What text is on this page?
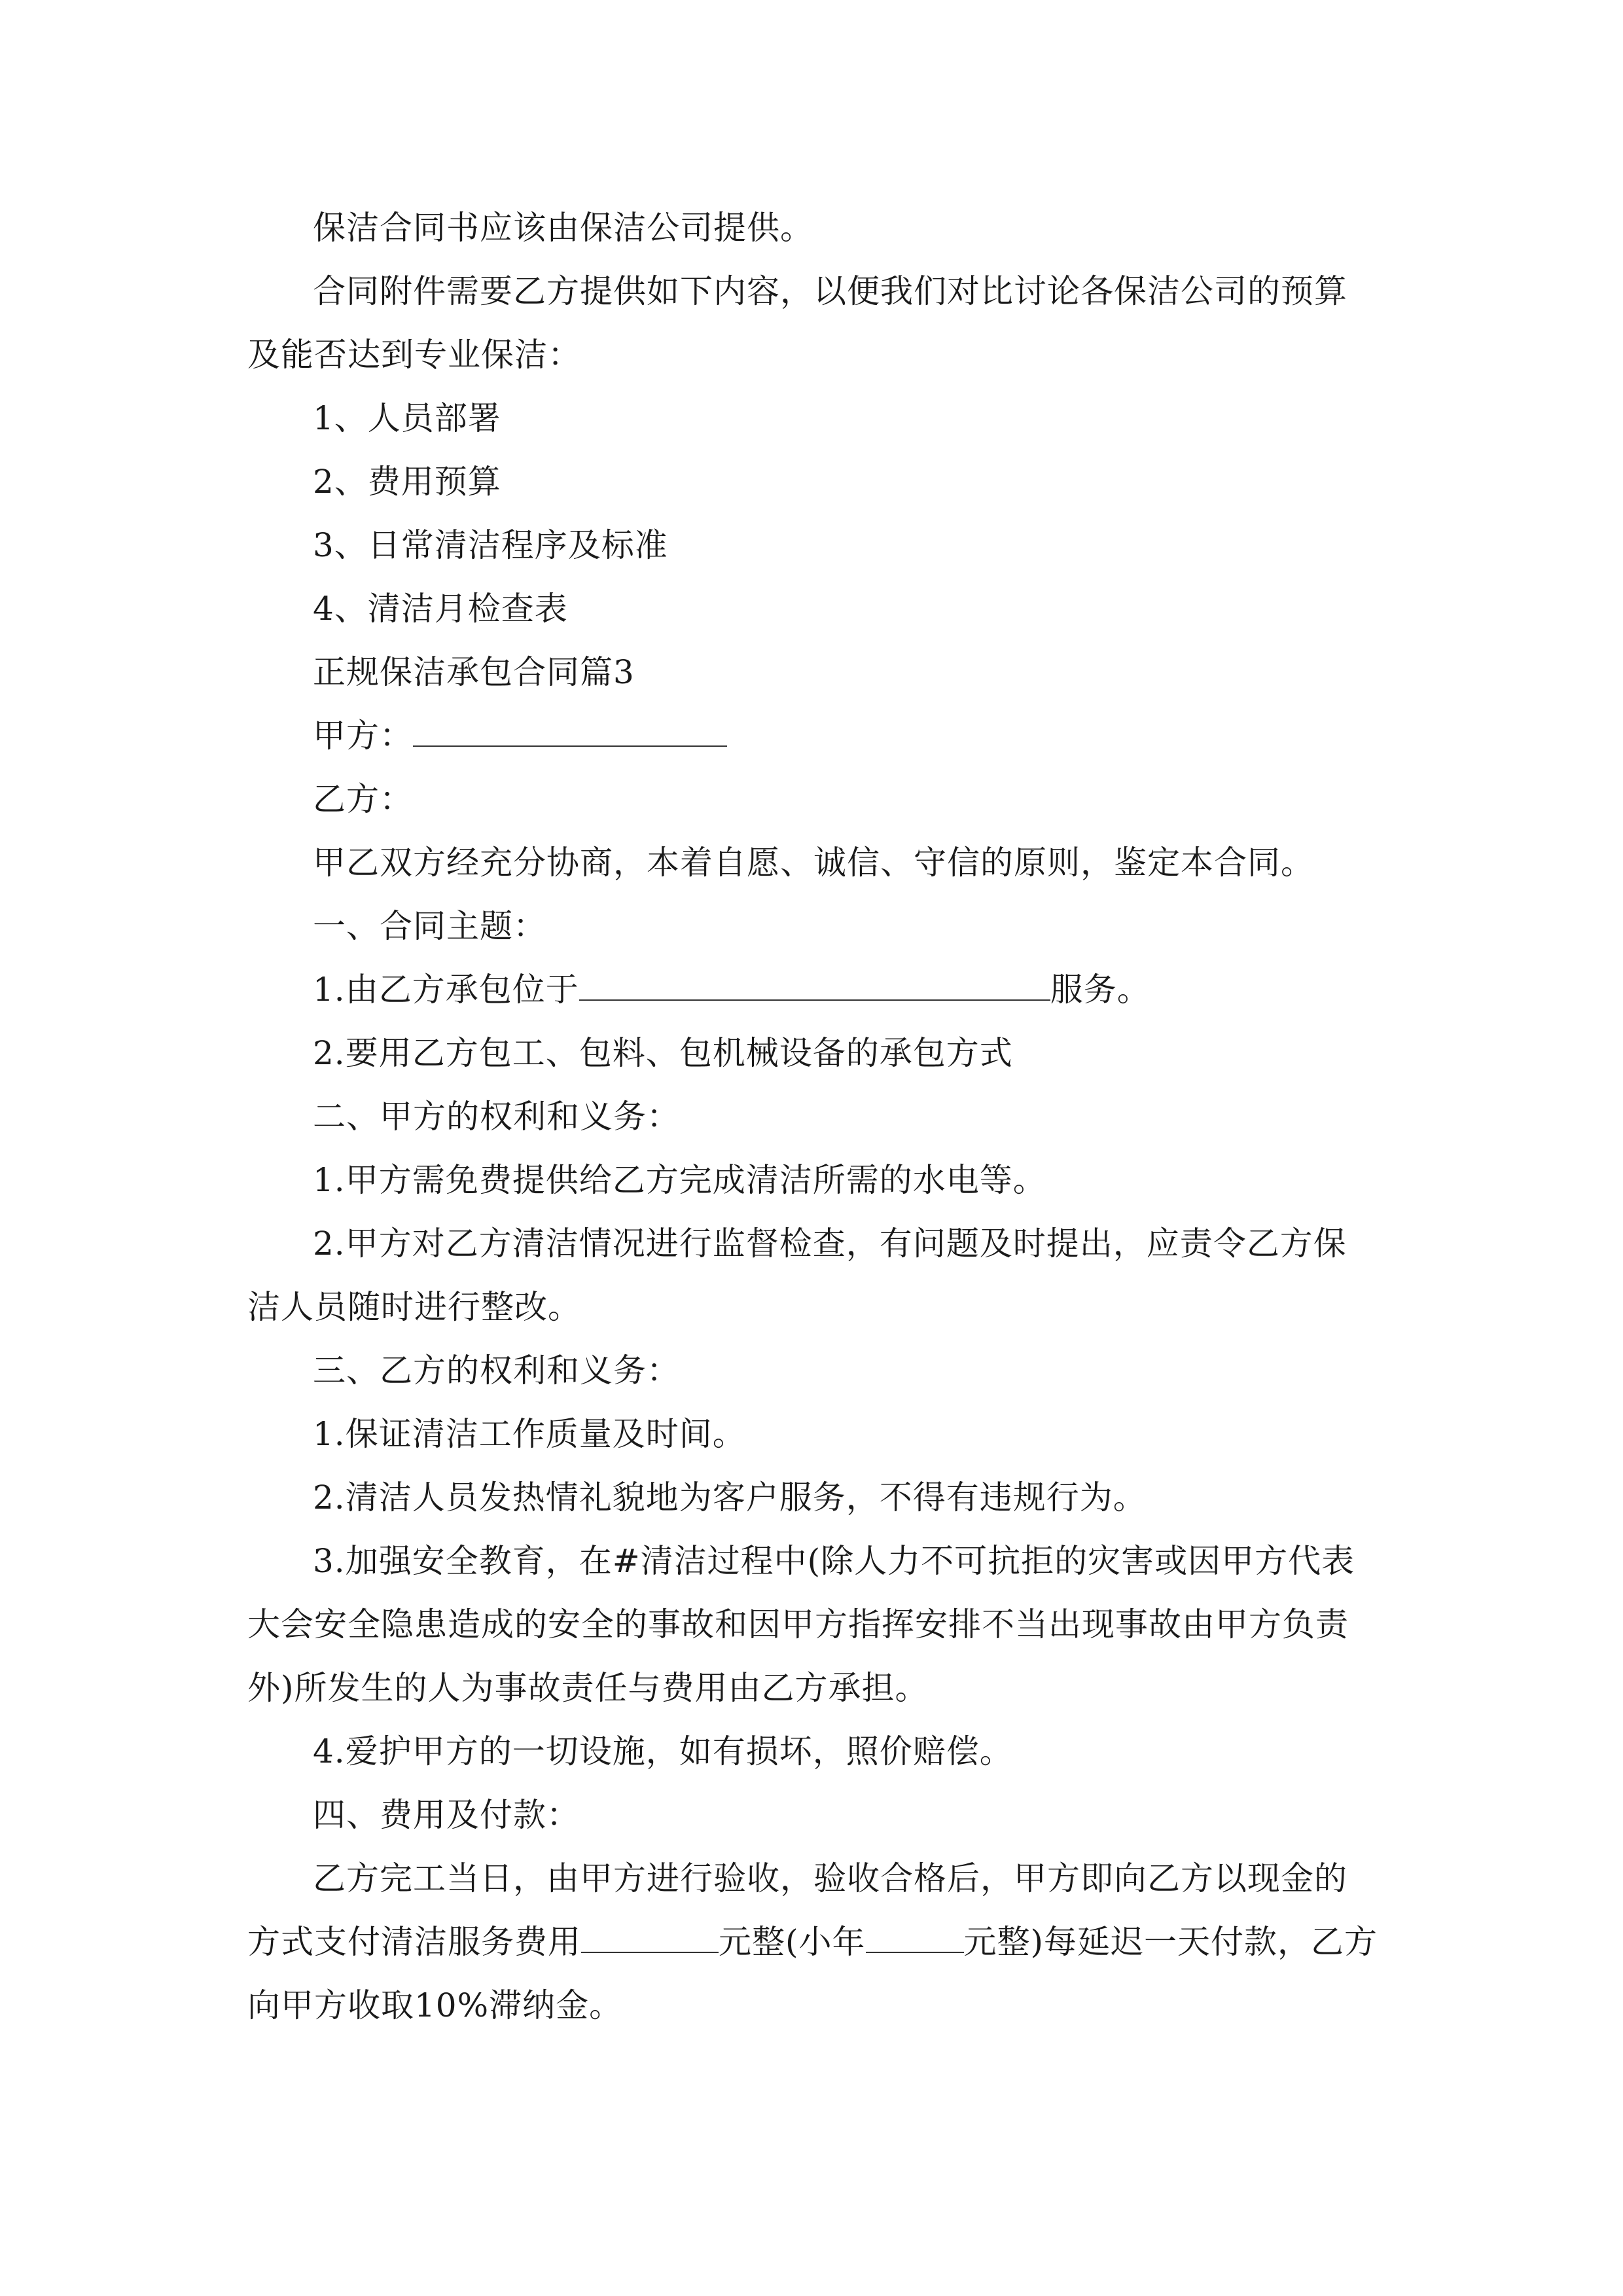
保洁合同书应该由保洁公司提供。

合同附件需要乙方提供如下内容，以便我们对比讨论各保洁公司的预算及能否达到专业保洁：

1、人员部署

2、费用预算

3、日常清洁程序及标准

4、清洁月检查表

正规保洁承包合同篇3

甲方：

乙方：

甲乙双方经充分协商，本着自愿、诚信、守信的原则，鉴定本合同。

一、合同主题：

1.由乙方承包位于	服务。

2.要用乙方包工、包料、包机械设备的承包方式

二、甲方的权利和义务：

1.甲方需免费提供给乙方完成清洁所需的水电等。

2.甲方对乙方清洁情况进行监督检查，有问题及时提出，应责令乙方保洁人员随时进行整改。

三、乙方的权利和义务：

1.保证清洁工作质量及时间。

2.清洁人员发热情礼貌地为客户服务，不得有违规行为。

3.加强安全教育，在#清洁过程中(除人力不可抗拒的灾害或因甲方代表大会安全隐患造成的安全的事故和因甲方指挥安排不当出现事故由甲方负责外)所发生的人为事故责任与费用由乙方承担。

4.爱护甲方的一切设施，如有损坏，照价赔偿。

四、费用及付款：

乙方完工当日，由甲方进行验收，验收合格后，甲方即向乙方以现金的方式支付清洁服务费用	元整(小年	元整)每延迟一天付款，乙方向甲方收取10%滞纳金。
